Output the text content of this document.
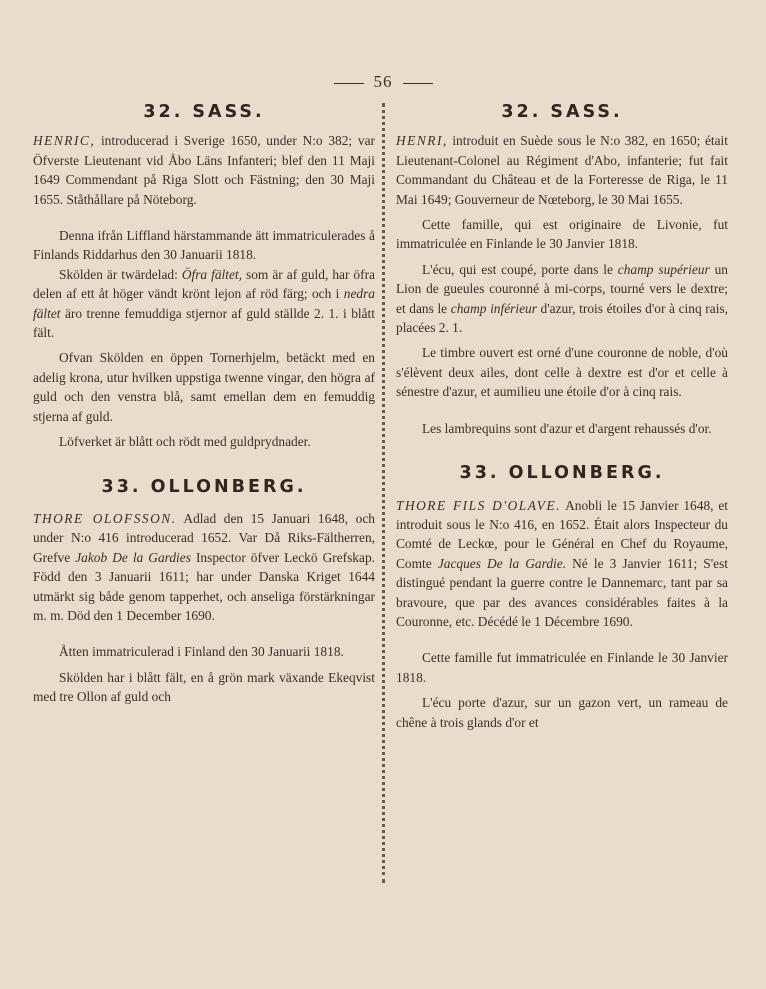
56
32. SASS.

HENRIC, introducerad i Sverige 1650, under N:o 382; var Öfverste Lieutenant vid Åbo Läns Infanteri; blef den 11 Maji 1649 Commendant på Riga Slott och Fästning; den 30 Maji 1655. Ståthållare på Nöteborg.

Denna ifrån Liffland härstammande ätt immatriculerades å Finlands Riddarhus den 30 Januarii 1818.

Skölden är twärdelad: Öfra fältet, som är af guld, har öfra delen af ett åt höger vändt krönt lejon af röd färg; och i nedra fältet äro trenne femuddiga stjernor af guld ställde 2. 1. i blått fält.

Ofvan Skölden en öppen Tornerhjelm, betäckt med en adelig krona, utur hvilken uppstiga twenne vingar, den högra af guld och den venstra blå, samt emellan dem en femuddig stjerna af guld.

Löfverket är blått och rödt med guldprydnader.

33. OLLONBERG.

THORE OLOFSSON. Adlad den 15 Januari 1648, och under N:o 416 introducerad 1652. Var Då Riks-Fältherren, Grefve Jakob De la Gardies Inspector öfver Leckö Grefskap. Född den 3 Januarii 1611; har under Danska Kriget 1644 utmärkt sig både genom tapperhet, och anseliga förstärkningar m. m. Död den 1 December 1690.

Åtten immatriculerad i Finland den 30 Januarii 1818.

Skölden har i blått fält, en å grön mark växande Ekeqvist med tre Ollon af guld och

32. SASS.

HENRI, introduit en Suède sous le N:o 382, en 1650; était Lieutenant-Colonel au Régiment d'Abo, infanterie; fut fait Commandant du Château et de la Forteresse de Riga, le 11 Mai 1649; Gouverneur de Nœteborg, le 30 Mai 1655.

Cette famille, qui est originaire de Livonie, fut immatriculée en Finlande le 30 Janvier 1818.

L'écu, qui est coupé, porte dans le champ supérieur un Lion de gueules couronné à mi-corps, tourné vers le dextre; et dans le champ inférieur d'azur, trois étoiles d'or à cinq rais, placées 2. 1.

Le timbre ouvert est orné d'une couronne de noble, d'où s'élèvent deux ailes, dont celle à dextre est d'or et celle à sénestre d'azur, et aumilieu une étoile d'or à cinq rais.

Les lambrequins sont d'azur et d'argent rehaussés d'or.

33. OLLONBERG.

THORE FILS D'OLAVE. Anobli le 15 Janvier 1648, et introduit sous le N:o 416, en 1652. Était alors Inspecteur du Comté de Leckœ, pour le Général en Chef du Royaume, Comte Jacques De la Gardie. Né le 3 Janvier 1611; S'est distingué pendant la guerre contre le Dannemarc, tant par sa bravoure, que par des avances considérables faites à la Couronne, etc. Décédé le 1 Décembre 1690.

Cette famille fut immatriculée en Finlande le 30 Janvier 1818.

L'écu porte d'azur, sur un gazon vert, un rameau de chêne à trois glands d'or et
